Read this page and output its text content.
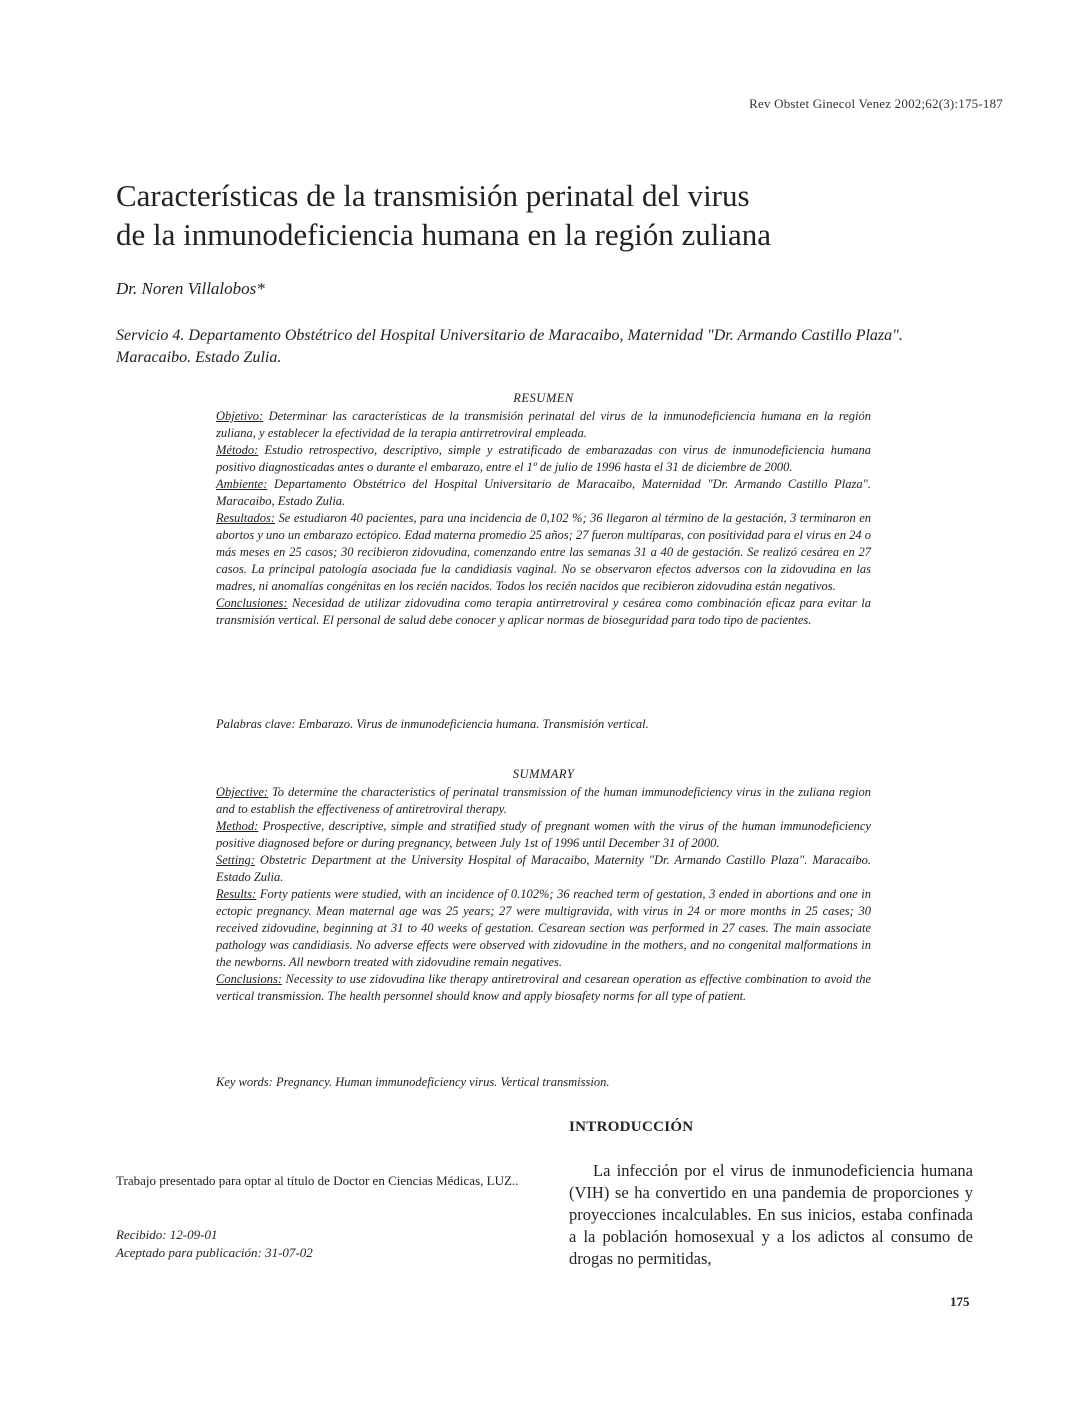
Rev Obstet Ginecol Venez 2002;62(3):175-187
Características de la transmisión perinatal del virus
de la inmunodeficiencia humana en la región zuliana
Dr. Noren Villalobos*
Servicio 4. Departamento Obstétrico del Hospital Universitario de Maracaibo, Maternidad "Dr. Armando Castillo Plaza". Maracaibo. Estado Zulia.
RESUMEN

Objetivo: Determinar las características de la transmisión perinatal del virus de la inmunodeficiencia humana en la región zuliana, y establecer la efectividad de la terapia antirretroviral empleada.

Método: Estudio retrospectivo, descriptivo, simple y estratificado de embarazadas con virus de inmunodeficiencia humana positivo diagnosticadas antes o durante el embarazo, entre el 1º de julio de 1996 hasta el 31 de diciembre de 2000.

Ambiente: Departamento Obstétrico del Hospital Universitario de Maracaibo, Maternidad "Dr. Armando Castillo Plaza". Maracaibo, Estado Zulia.

Resultados: Se estudiaron 40 pacientes, para una incidencia de 0,102 %; 36 llegaron al término de la gestación, 3 terminaron en abortos y uno un embarazo ectópico. Edad materna promedio 25 años; 27 fueron multíparas, con positividad para el virus en 24 o más meses en 25 casos; 30 recibieron zidovudina, comenzando entre las semanas 31 a 40 de gestación. Se realizó cesárea en 27 casos. La principal patología asociada fue la candidiasis vaginal. No se observaron efectos adversos con la zidovudina en las madres, ni anomalías congénitas en los recién nacidos. Todos los recién nacidos que recibieron zidovudina están negativos.

Conclusiones: Necesidad de utilizar zidovudina como terapia antirretroviral y cesárea como combinación eficaz para evitar la transmisión vertical. El personal de salud debe conocer y aplicar normas de bioseguridad para todo tipo de pacientes.

Palabras clave: Embarazo. Virus de inmunodeficiencia humana. Transmisión vertical.
SUMMARY

Objective: To determine the characteristics of perinatal transmission of the human immunodeficiency virus in the zuliana region and to establish the effectiveness of antiretroviral therapy.

Method: Prospective, descriptive, simple and stratified study of pregnant women with the virus of the human immunodeficiency positive diagnosed before or during pregnancy, between July 1st of 1996 until December 31 of 2000.

Setting: Obstetric Department at the University Hospital of Maracaibo, Maternity "Dr. Armando Castillo Plaza". Maracaibo. Estado Zulia.

Results: Forty patients were studied, with an incidence of 0.102%; 36 reached term of gestation, 3 ended in abortions and one in ectopic pregnancy. Mean maternal age was 25 years; 27 were multigravida, with virus in 24 or more months in 25 cases; 30 received zidovudine, beginning at 31 to 40 weeks of gestation. Cesarean section was performed in 27 cases. The main associate pathology was candidiasis. No adverse effects were observed with zidovudine in the mothers, and no congenital malformations in the newborns. All newborn treated with zidovudine remain negatives.

Conclusions: Necessity to use zidovudina like therapy antiretroviral and cesarean operation as effective combination to avoid the vertical transmission. The health personnel should know and apply biosafety norms for all type of patient.

Key words: Pregnancy. Human immunodeficiency virus. Vertical transmission.
INTRODUCCIÓN

La infección por el virus de inmunodeficiencia humana (VIH) se ha convertido en una pandemia de proporciones y proyecciones incalculables. En sus inicios, estaba confinada a la población homosexual y a los adictos al consumo de drogas no permitidas,

Trabajo presentado para optar al título de Doctor en Ciencias Médicas, LUZ..
Recibido: 12-09-01
Aceptado para publicación: 31-07-02
175
